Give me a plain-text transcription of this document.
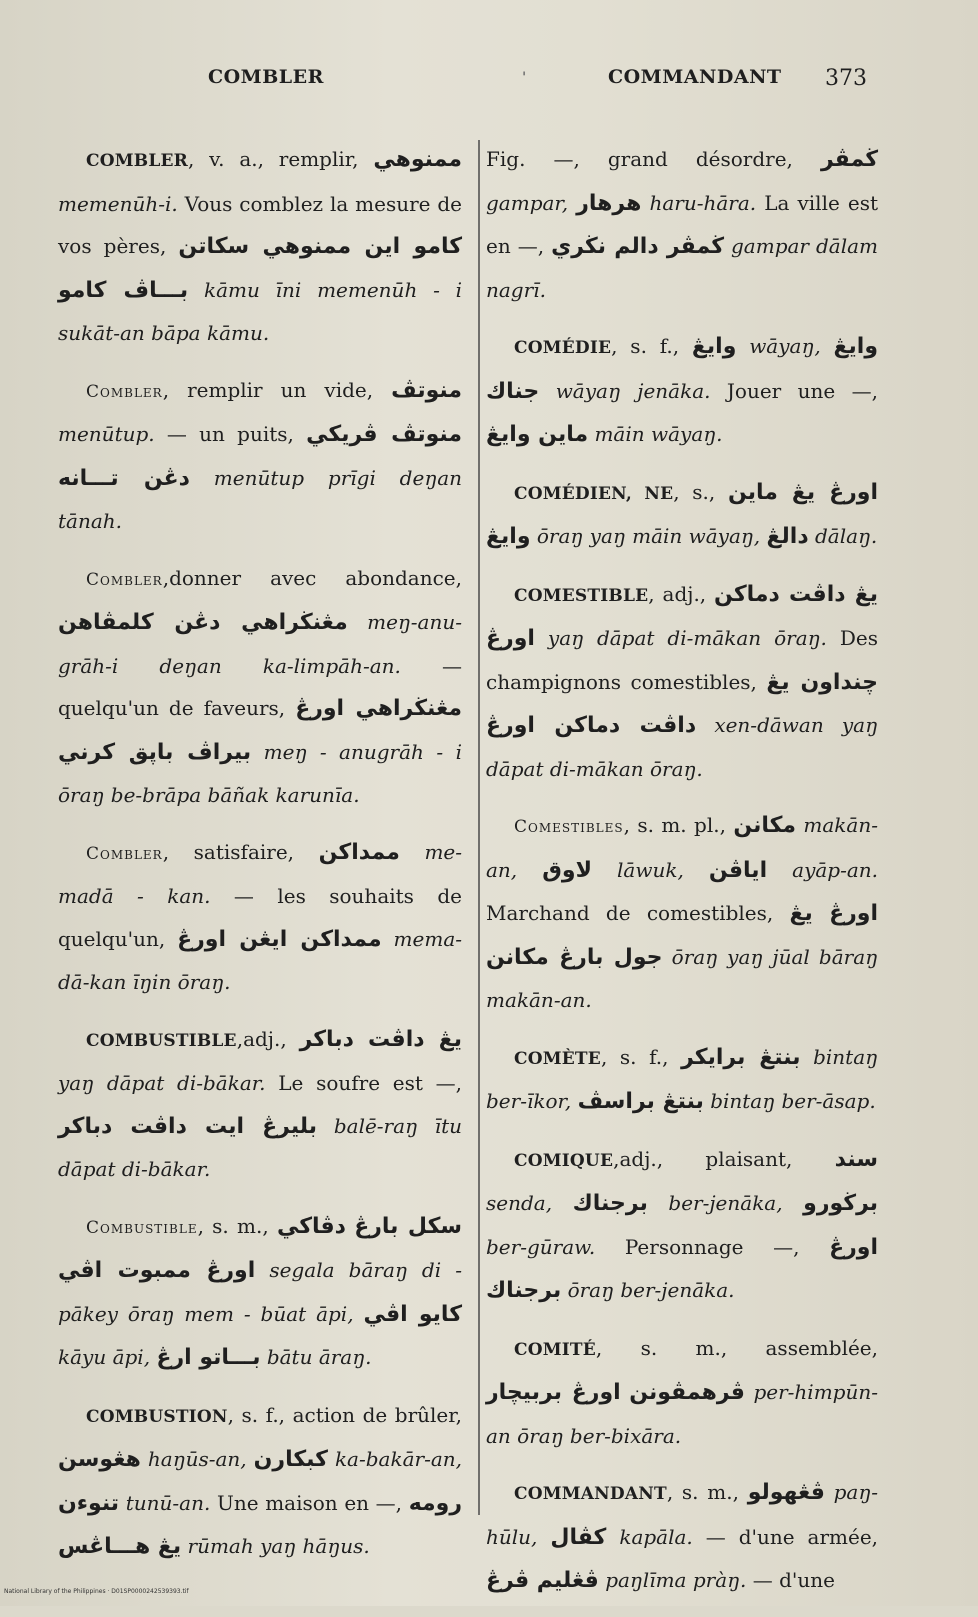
COMBLER	'	COMMANDANT 373

COMBLER, v. a., remplir, ممنوهي memenūh-i. Vous comblez la mesure de vos pères, كامو اين ممنوهي سكاتن بـــاڤ كامو kāmu īni memenūh - i sukāt-an bāpa kāmu.

Combler, remplir un vide, منوتڤ menūtup. — un puits, منوتڤ ڤريکي دڠن تـــانه menūtup prīgi deŋan tānah.

Combler,donner avec abondance, مڠنڬراهي دڠن کلمڤاهن meŋ-anu-grāh-i deŋan ka-limpāh-an. — quelqu'un de faveurs, مڠنڬراهي اورڠ بيراڤ باڽق کرني meŋ - anugrāh - i ōraŋ be-brāpa bāñak karunīa.

Combler, satisfaire, ممداکن me-madā - kan. — les souhaits de quelqu'un, ممداکن ايڠن اورڠ mema-dā-kan īŋin ōraŋ.

COMBUSTIBLE,adj., يڠ داڤت دباکر yaŋ dāpat di-bākar. Le soufre est —, بليرڠ ايت داڤت دباکر balē-raŋ ītu dāpat di-bākar.

Combustible, s. m.,	سکل بارڠ دڤاکي اورڠ ممبوت اڤي segala bāraŋ di - pākey ōraŋ mem - būat āpi, کايو اڤي kāyu āpi, بـــاتو ارڠ bātu āraŋ.

COMBUSTION, s. f., action de brûler, هڠوسن haŋūs-an, کبکارن ka-bakār-an, تنوءن tunū-an. Une maison en —, رومه يڠ هـــاڠس rūmah yaŋ hāŋus.

Fig. —, grand désordre, ڬمڤر gampar, هرهار haru-hāra. La ville est en —, ڬمڤر دالم نڬري gampar dālam nagrī.

COMÉDIE, s. f., وايڠ wāyaŋ, وايڠ جناك wāyaŋ jenāka. Jouer une —, ماين وايڠ māin wāyaŋ.

COMÉDIEN, NE, s., اورڠ يڠ ماين وايڠ ōraŋ yaŋ māin wāyaŋ, دالڠ dālaŋ.

COMESTIBLE, adj., يڠ داڤت دماکن اورڠ yaŋ dāpat di-mākan ōraŋ. Des champignons comestibles, چنداون يڠ داڤت دماکن اورڠ xen-dāwan yaŋ dāpat di-mākan ōraŋ.

Comestibles, s. m. pl., مکانن makān-an, لاوق lāwuk, اياڤن ayāp-an. Marchand de comestibles, اورڠ يڠ جول بارڠ مکانن ōraŋ yaŋ jūal bāraŋ makān-an.

COMÈTE, s. f., بنتڠ برايکر bintaŋ ber-īkor, بنتڠ براسڤ bintaŋ ber-āsap.

COMIQUE,adj., plaisant, سند senda, برجناك ber-jenāka, برڬورو ber-gūraw. Personnage —, اورڠ برجناك ōraŋ ber-jenāka.

COMITÉ, s. m., assemblée, ڤرهمڤونن اورڠ بربيچار	per-himpūn-an ōraŋ ber-bixāra.

COMMANDANT, s. m., ڤڠهولو paŋ-hūlu, کڤال kapāla. — d'une armée, ڤڠليم ڤرڠ paŋlīma pràŋ. — d'une

National Library of the Philippines · D01SP0000242539393.tif
